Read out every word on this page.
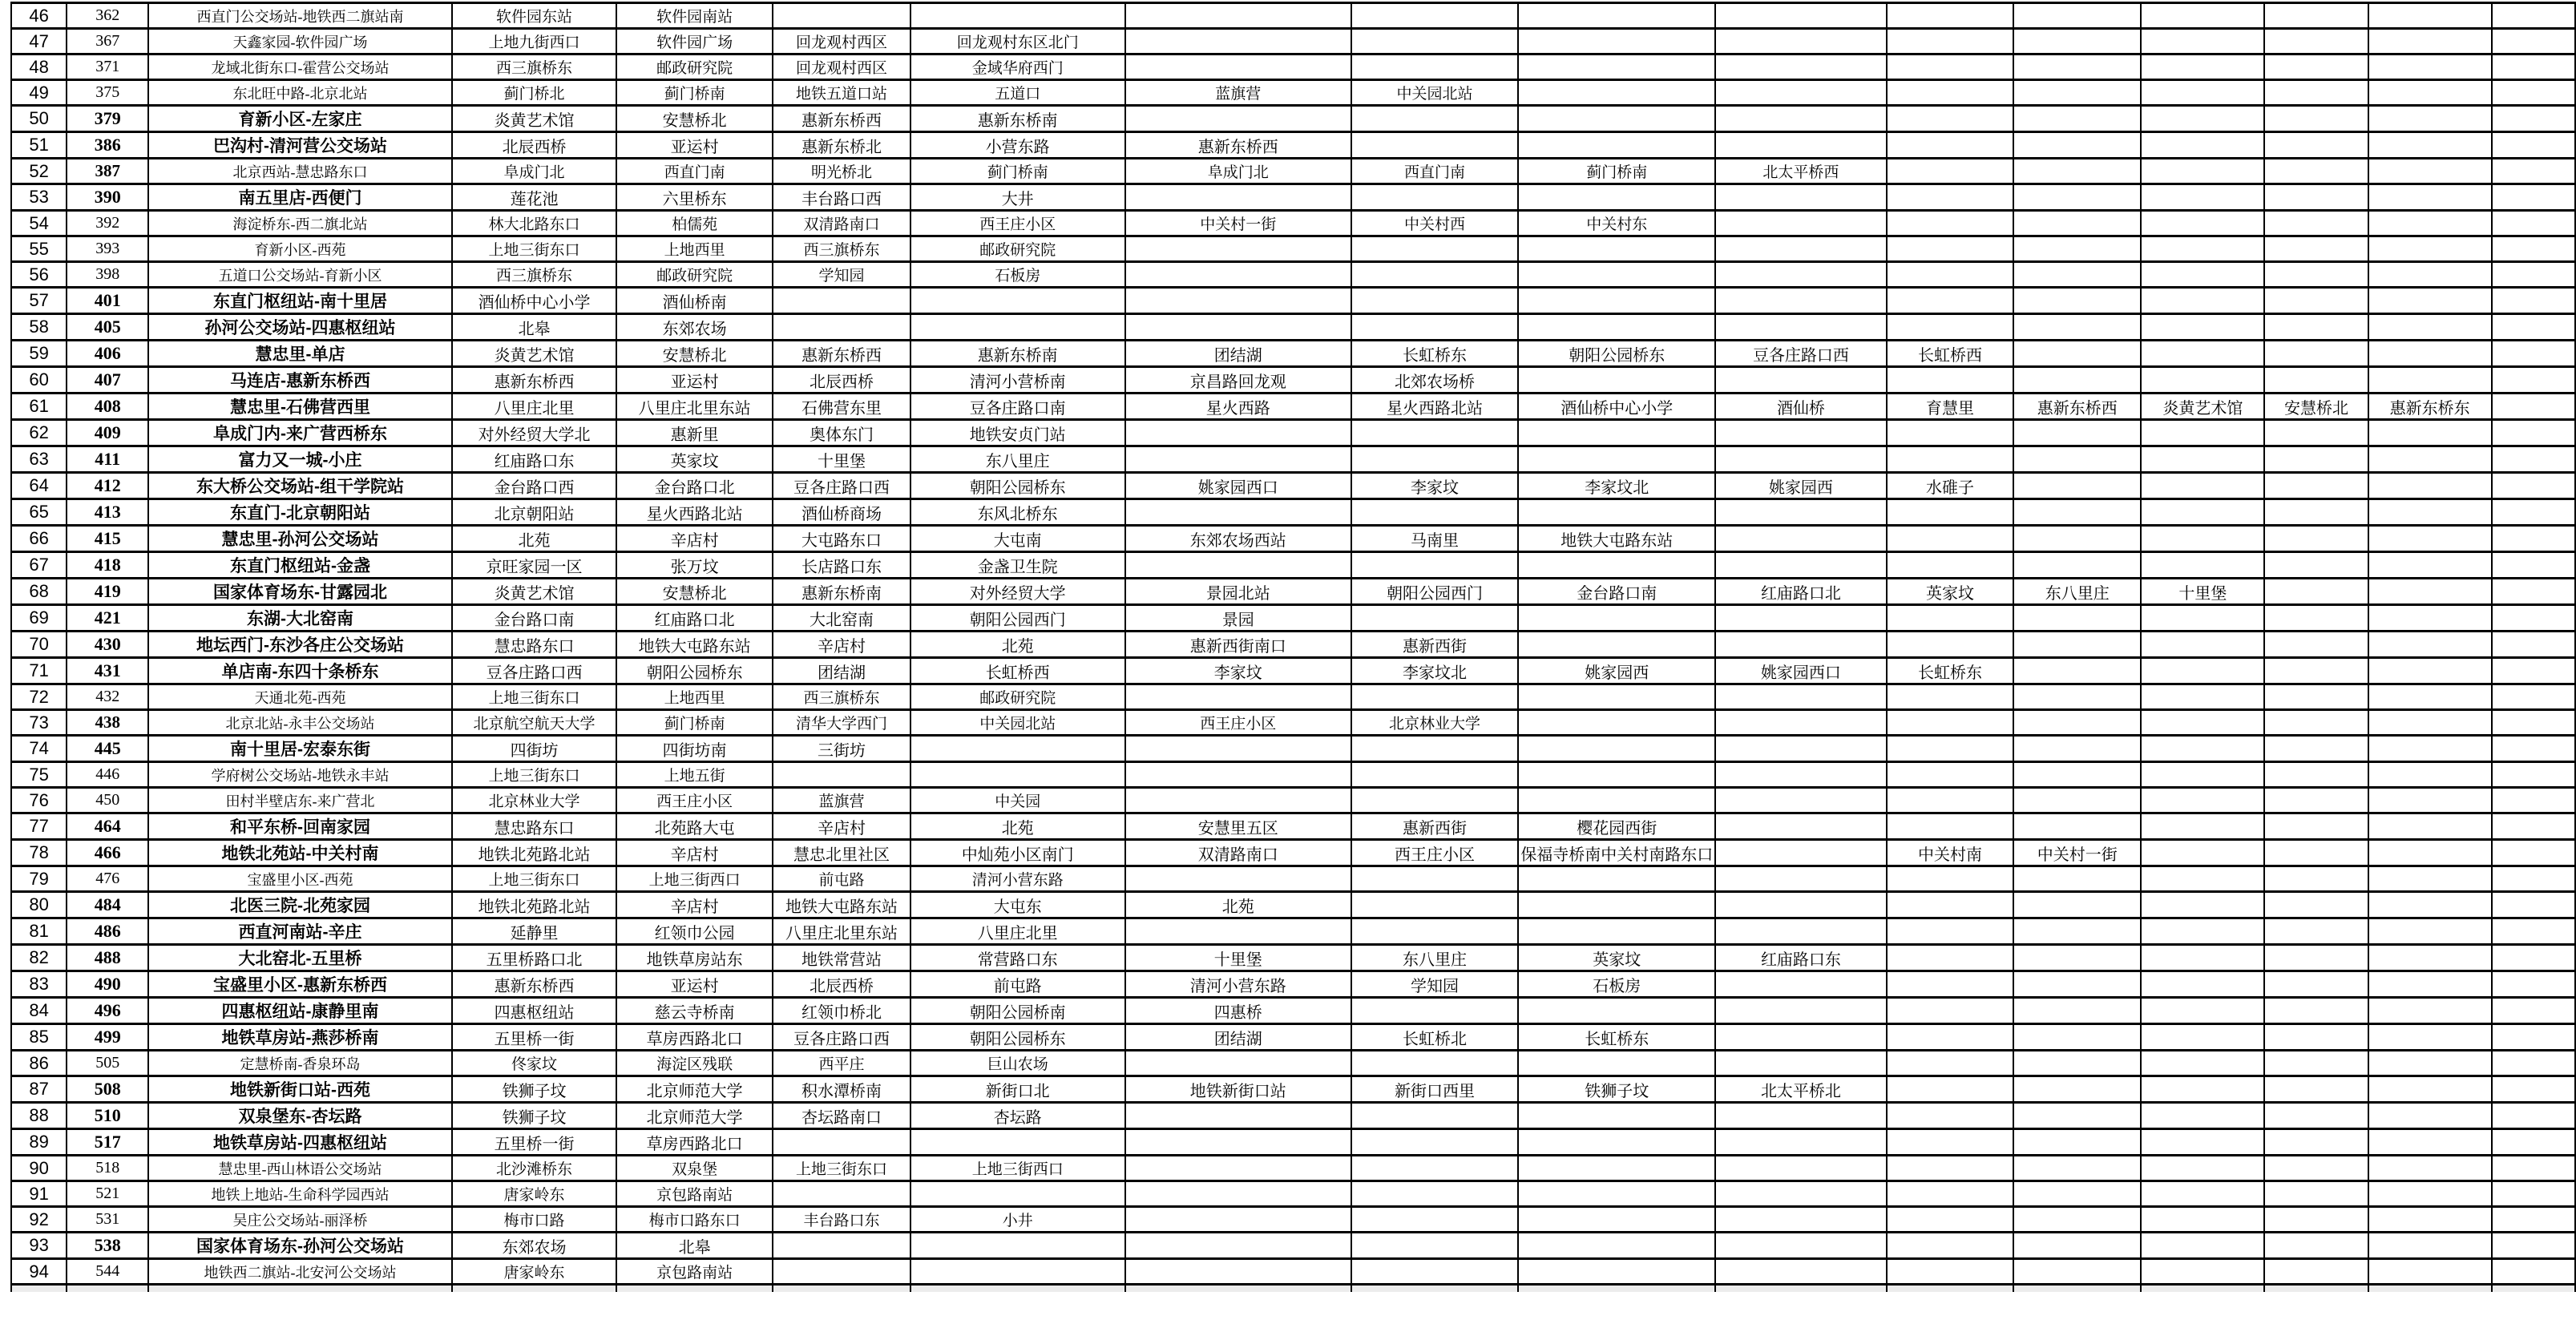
46	362	西直门公交场站-地铁西二旗站南	软件园东站	软件园南站												
47	367	天鑫家园-软件园广场	上地九街西口	软件园广场	回龙观村西区	回龙观村东区北门										
48	371	龙域北街东口-霍营公交场站	西三旗桥东	邮政研究院	回龙观村西区	金域华府西门										
49	375	东北旺中路-北京北站	蓟门桥北	蓟门桥南	地铁五道口站	五道口	蓝旗营	中关园北站								
50	379	育新小区-左家庄	炎黄艺术馆	安慧桥北	惠新东桥西	惠新东桥南										
51	386	巴沟村-清河营公交场站	北辰西桥	亚运村	惠新东桥北	小营东路	惠新东桥西									
52	387	北京西站-慧忠路东口	阜成门北	西直门南	明光桥北	蓟门桥南	阜成门北	西直门南	蓟门桥南	北太平桥西						
53	390	南五里店-西便门	莲花池	六里桥东	丰台路口西	大井										
54	392	海淀桥东-西二旗北站	林大北路东口	柏儒苑	双清路南口	西王庄小区	中关村一街	中关村西	中关村东							
55	393	育新小区-西苑	上地三街东口	上地西里	西三旗桥东	邮政研究院										
56	398	五道口公交场站-育新小区	西三旗桥东	邮政研究院	学知园	石板房										
57	401	东直门枢纽站-南十里居	酒仙桥中心小学	酒仙桥南												
58	405	孙河公交场站-四惠枢纽站	北皋	东郊农场												
59	406	慧忠里-单店	炎黄艺术馆	安慧桥北	惠新东桥西	惠新东桥南	团结湖	长虹桥东	朝阳公园桥东	豆各庄路口西	长虹桥西					
60	407	马连店-惠新东桥西	惠新东桥西	亚运村	北辰西桥	清河小营桥南	京昌路回龙观	北郊农场桥								
61	408	慧忠里-石佛营西里	八里庄北里	八里庄北里东站	石佛营东里	豆各庄路口南	星火西路	星火西路北站	酒仙桥中心小学	酒仙桥	育慧里	惠新东桥西	炎黄艺术馆	安慧桥北	惠新东桥东	
62	409	阜成门内-来广营西桥东	对外经贸大学北	惠新里	奥体东门	地铁安贞门站										
63	411	富力又一城-小庄	红庙路口东	英家坟	十里堡	东八里庄										
64	412	东大桥公交场站-组干学院站	金台路口西	金台路口北	豆各庄路口西	朝阳公园桥东	姚家园西口	李家坟	李家坟北	姚家园西	水碓子					
65	413	东直门-北京朝阳站	北京朝阳站	星火西路北站	酒仙桥商场	东风北桥东										
66	415	慧忠里-孙河公交场站	北苑	辛店村	大屯路东口	大屯南	东郊农场西站	马南里	地铁大屯路东站							
67	418	东直门枢纽站-金盏	京旺家园一区	张万坟	长店路口东	金盏卫生院										
68	419	国家体育场东-甘露园北	炎黄艺术馆	安慧桥北	惠新东桥南	对外经贸大学	景园北站	朝阳公园西门	金台路口南	红庙路口北	英家坟	东八里庄	十里堡			
69	421	东湖-大北窑南	金台路口南	红庙路口北	大北窑南	朝阳公园西门	景园									
70	430	地坛西门-东沙各庄公交场站	慧忠路东口	地铁大屯路东站	辛店村	北苑	惠新西街南口	惠新西街								
71	431	单店南-东四十条桥东	豆各庄路口西	朝阳公园桥东	团结湖	长虹桥西	李家坟	李家坟北	姚家园西	姚家园西口	长虹桥东					
72	432	天通北苑-西苑	上地三街东口	上地西里	西三旗桥东	邮政研究院										
73	438	北京北站-永丰公交场站	北京航空航天大学	蓟门桥南	清华大学西门	中关园北站	西王庄小区	北京林业大学								
74	445	南十里居-宏泰东街	四街坊	四街坊南	三街坊											
75	446	学府树公交场站-地铁永丰站	上地三街东口	上地五街												
76	450	田村半壁店东-来广营北	北京林业大学	西王庄小区	蓝旗营	中关园										
77	464	和平东桥-回南家园	慧忠路东口	北苑路大屯	辛店村	北苑	安慧里五区	惠新西街	樱花园西街							
78	466	地铁北苑站-中关村南	地铁北苑路北站	辛店村	慧忠北里社区	中灿苑小区南门	双清路南口	西王庄小区	保福寺桥南中关村南路东口		中关村南	中关村一街				
79	476	宝盛里小区-西苑	上地三街东口	上地三街西口	前屯路	清河小营东路										
80	484	北医三院-北苑家园	地铁北苑路北站	辛店村	地铁大屯路东站	大屯东	北苑									
81	486	西直河南站-辛庄	延静里	红领巾公园	八里庄北里东站	八里庄北里										
82	488	大北窑北-五里桥	五里桥路口北	地铁草房站东	地铁常营站	常营路口东	十里堡	东八里庄	英家坟	红庙路口东						
83	490	宝盛里小区-惠新东桥西	惠新东桥西	亚运村	北辰西桥	前屯路	清河小营东路	学知园	石板房							
84	496	四惠枢纽站-康静里南	四惠枢纽站	慈云寺桥南	红领巾桥北	朝阳公园桥南	四惠桥									
85	499	地铁草房站-燕莎桥南	五里桥一街	草房西路北口	豆各庄路口西	朝阳公园桥东	团结湖	长虹桥北	长虹桥东							
86	505	定慧桥南-香泉环岛	佟家坟	海淀区残联	西平庄	巨山农场										
87	508	地铁新街口站-西苑	铁狮子坟	北京师范大学	积水潭桥南	新街口北	地铁新街口站	新街口西里	铁狮子坟	北太平桥北						
88	510	双泉堡东-杏坛路	铁狮子坟	北京师范大学	杏坛路南口	杏坛路										
89	517	地铁草房站-四惠枢纽站	五里桥一街	草房西路北口												
90	518	慧忠里-西山林语公交场站	北沙滩桥东	双泉堡	上地三街东口	上地三街西口										
91	521	地铁上地站-生命科学园西站	唐家岭东	京包路南站												
92	531	吴庄公交场站-丽泽桥	梅市口路	梅市口路东口	丰台路口东	小井										
93	538	国家体育场东-孙河公交场站	东郊农场	北皋												
94	544	地铁西二旗站-北安河公交场站	唐家岭东	京包路南站												
